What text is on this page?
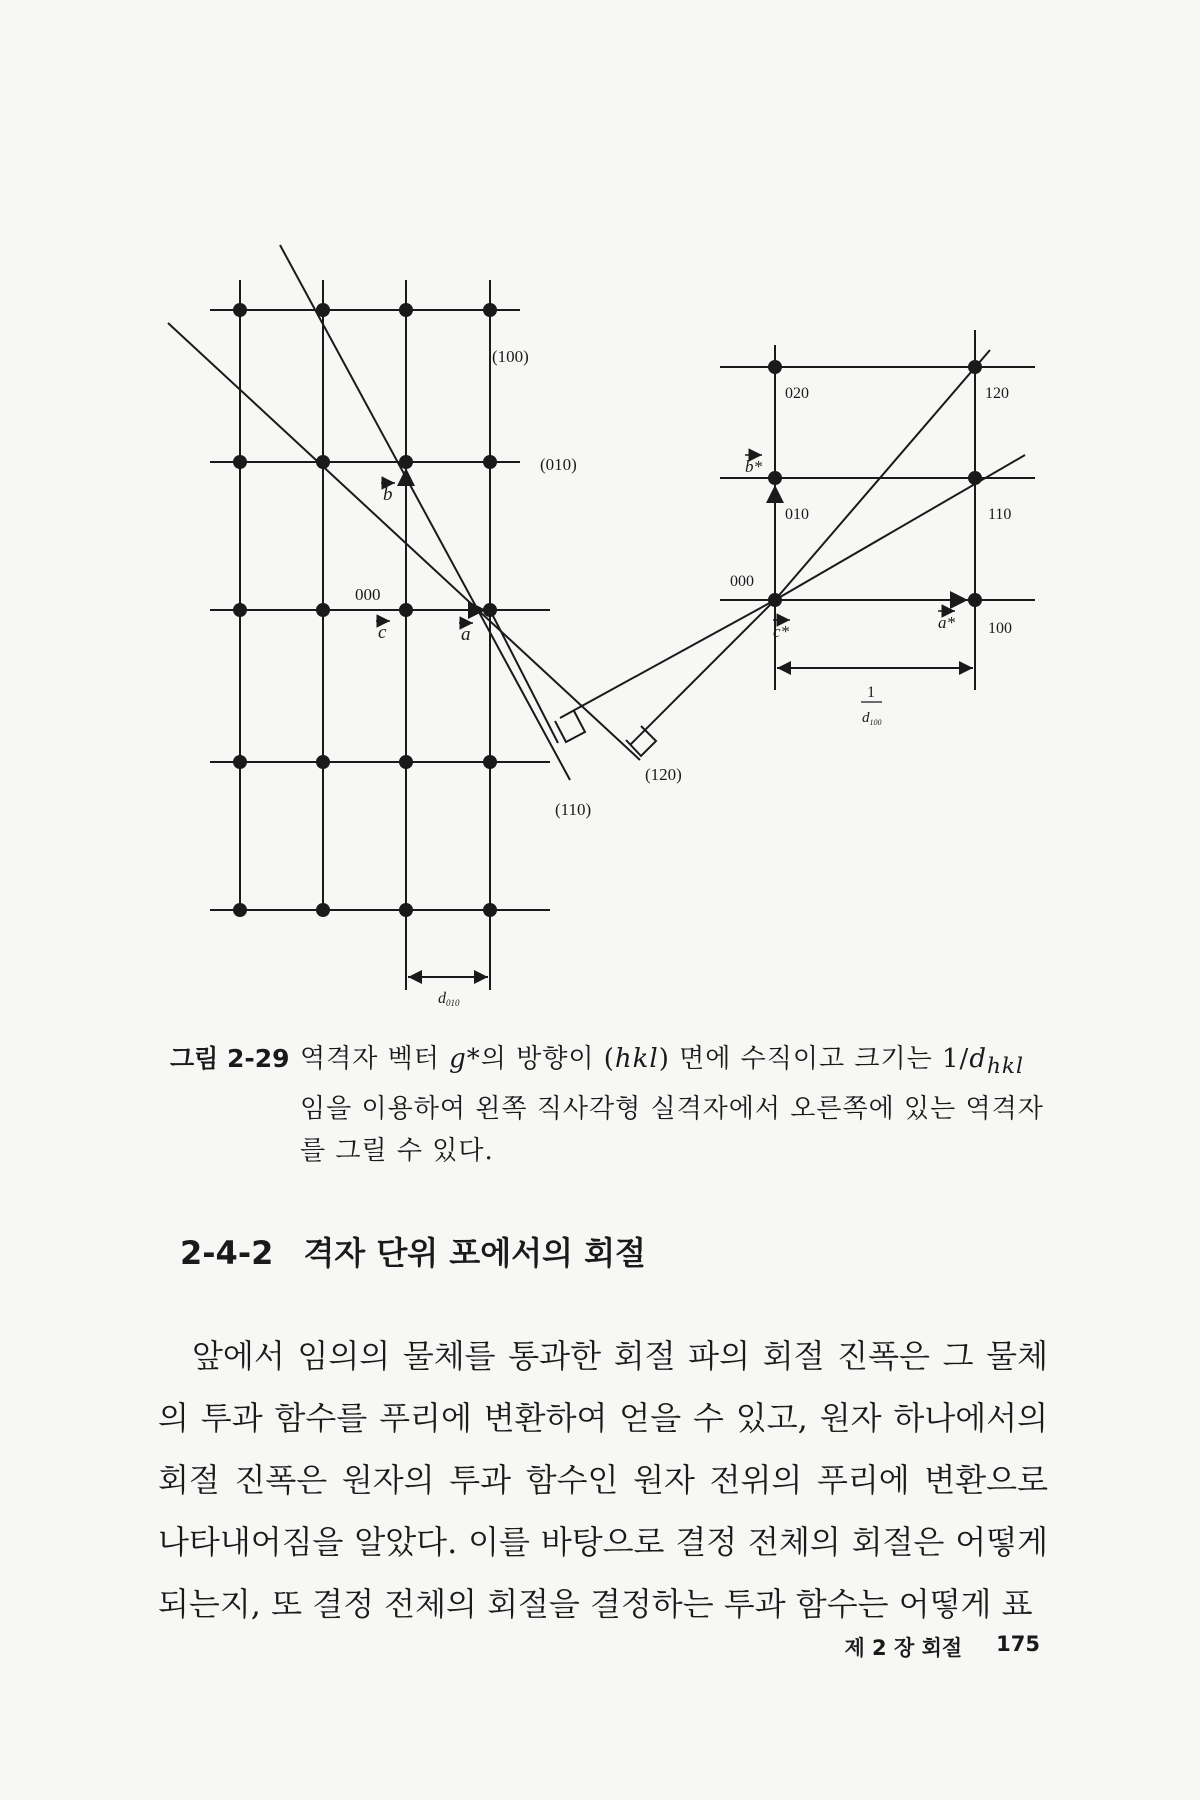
(100)
(010)
(110)
(120)
000
b
c	a
d010
020	120
010	110
000
100
b*
c*	a*
1
$d_{100}$
그림 2-29 역격자 벡터 g*의 방향이 (hkl) 면에 수직이고 크기는 $1/d_{hkl}$임을 이용하여 왼쪽 직사각형 실격자에서 오른쪽에 있는 역격자를 그릴 수 있다.
2-4-2 격자 단위 포에서의 회절

앞에서 임의의 물체를 통과한 회절 파의 회절 진폭은 그 물체의 투과 함수를 푸리에 변환하여 얻을 수 있고, 원자 하나에서의 회절 진폭은 원자의 투과 함수인 원자 전위의 푸리에 변환으로 나타내어짐을 알았다. 이를 바탕으로 결정 전체의 회절은 어떻게 되는지, 또 결정 전체의 회절을 결정하는 투과 함수는 어떻게 표

제 2 장 회절 175
